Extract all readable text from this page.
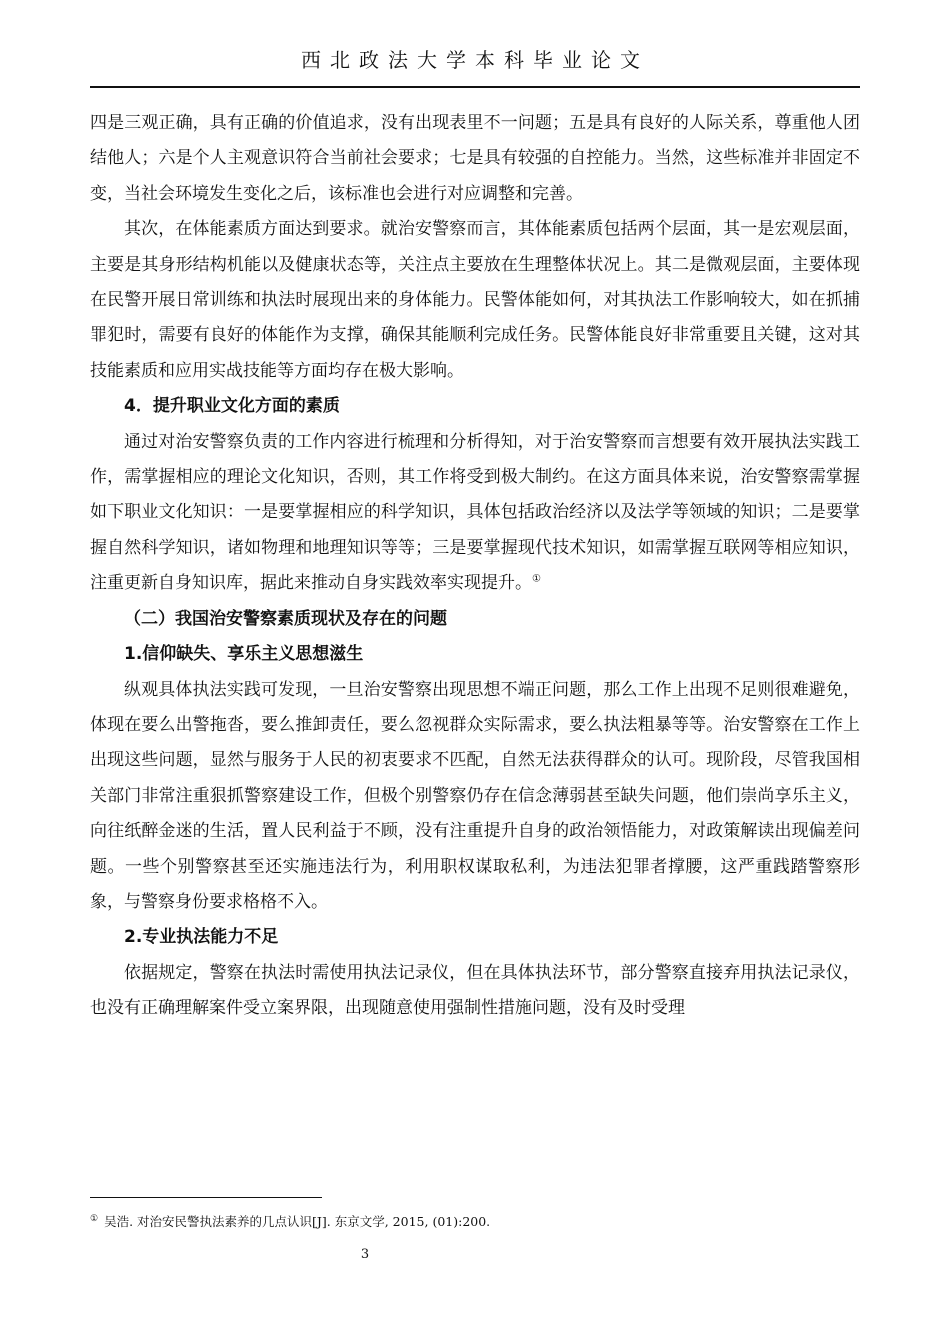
西北政法大学本科毕业论文

四是三观正确，具有正确的价值追求，没有出现表里不一问题；五是具有良好的人际关系，尊重他人团结他人；六是个人主观意识符合当前社会要求；七是具有较强的自控能力。当然，这些标准并非固定不变，当社会环境发生变化之后，该标准也会进行对应调整和完善。

其次，在体能素质方面达到要求。就治安警察而言，其体能素质包括两个层面，其一是宏观层面，主要是其身形结构机能以及健康状态等，关注点主要放在生理整体状况上。其二是微观层面，主要体现在民警开展日常训练和执法时展现出来的身体能力。民警体能如何，对其执法工作影响较大，如在抓捕罪犯时，需要有良好的体能作为支撑，确保其能顺利完成任务。民警体能良好非常重要且关键，这对其技能素质和应用实战技能等方面均存在极大影响。

4．提升职业文化方面的素质

通过对治安警察负责的工作内容进行梳理和分析得知，对于治安警察而言想要有效开展执法实践工作，需掌握相应的理论文化知识，否则，其工作将受到极大制约。在这方面具体来说，治安警察需掌握如下职业文化知识：一是要掌握相应的科学知识，具体包括政治经济以及法学等领域的知识；二是要掌握自然科学知识，诸如物理和地理知识等等；三是要掌握现代技术知识，如需掌握互联网等相应知识，注重更新自身知识库，据此来推动自身实践效率实现提升。①

（二）我国治安警察素质现状及存在的问题
1.信仰缺失、享乐主义思想滋生

纵观具体执法实践可发现，一旦治安警察出现思想不端正问题，那么工作上出现不足则很难避免，体现在要么出警拖沓，要么推卸责任，要么忽视群众实际需求，要么执法粗暴等等。治安警察在工作上出现这些问题，显然与服务于人民的初衷要求不匹配，自然无法获得群众的认可。现阶段，尽管我国相关部门非常注重狠抓警察建设工作，但极个别警察仍存在信念薄弱甚至缺失问题，他们崇尚享乐主义，向往纸醉金迷的生活，置人民利益于不顾，没有注重提升自身的政治领悟能力，对政策解读出现偏差问题。一些个别警察甚至还实施违法行为，利用职权谋取私利，为违法犯罪者撑腰，这严重践踏警察形象，与警察身份要求格格不入。

2.专业执法能力不足

依据规定，警察在执法时需使用执法记录仪，但在具体执法环节，部分警察直接弃用执法记录仪，也没有正确理解案件受立案界限，出现随意使用强制性措施问题，没有及时受理

① 吴浩. 对治安民警执法素养的几点认识[J]. 东京文学, 2015, (01):200.
3
